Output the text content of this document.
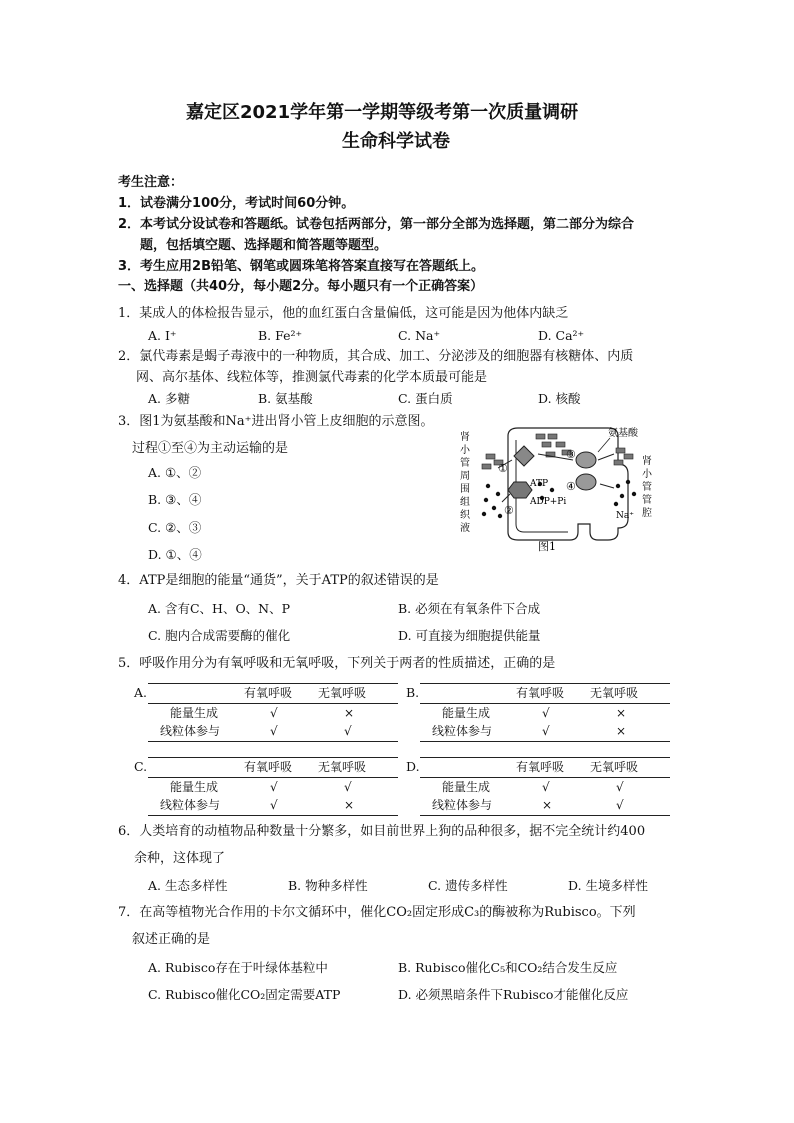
嘉定区2021学年第一学期等级考第一次质量调研
生命科学试卷
考生注意：
1．试卷满分100分，考试时间60分钟。
2．本考试分设试卷和答题纸。试卷包括两部分，第一部分全部为选择题，第二部分为综合
题，包括填空题、选择题和简答题等题型。
3．考生应用2B铅笔、钢笔或圆珠笔将答案直接写在答题纸上。
一、选择题（共40分，每小题2分。每小题只有一个正确答案）
1．某成人的体检报告显示，他的血红蛋白含量偏低，这可能是因为他体内缺乏
A. I⁺	B. Fe²⁺	C. Na⁺	D. Ca²⁺
2．氯代毒素是蝎子毒液中的一种物质，其合成、加工、分泌涉及的细胞器有核糖体、内质
网、高尔基体、线粒体等，推测氯代毒素的化学本质最可能是
A. 多糖	B. 氨基酸	C. 蛋白质	D. 核酸
3．图1为氨基酸和Na⁺进出肾小管上皮细胞的示意图。
过程①至④为主动运输的是
A. ①、②
B. ③、④
C. ②、③
D. ①、④
肾
小
管
周
围
组
织
液
肾
小
管
管
腔
氨基酸
ATP
ADP+Pi
Na⁺
①
②
③
④
图1
4．ATP是细胞的能量“通货”，关于ATP的叙述错误的是
A. 含有C、H、O、N、P	B. 必须在有氧条件下合成
C. 胞内合成需要酶的催化	D. 可直接为细胞提供能量
5．呼吸作用分为有氧呼吸和无氧呼吸，下列关于两者的性质描述，正确的是
A.	有氧呼吸 无氧呼吸
能量生成	√	×
线粒体参与	√	√
B.	有氧呼吸 无氧呼吸
能量生成	√	×
线粒体参与	√	×
C.	有氧呼吸 无氧呼吸
能量生成	√	√
线粒体参与	√	×
D.	有氧呼吸 无氧呼吸
能量生成	√	√
线粒体参与	×	√
6．人类培育的动植物品种数量十分繁多，如目前世界上狗的品种很多，据不完全统计约400
余种，这体现了
A. 生态多样性	B. 物种多样性	C. 遗传多样性	D. 生境多样性
7．在高等植物光合作用的卡尔文循环中，催化CO₂固定形成C₃的酶被称为Rubisco。下列
叙述正确的是
A. Rubisco存在于叶绿体基粒中	B. Rubisco催化C₅和CO₂结合发生反应
C. Rubisco催化CO₂固定需要ATP	D. 必须黑暗条件下Rubisco才能催化反应
